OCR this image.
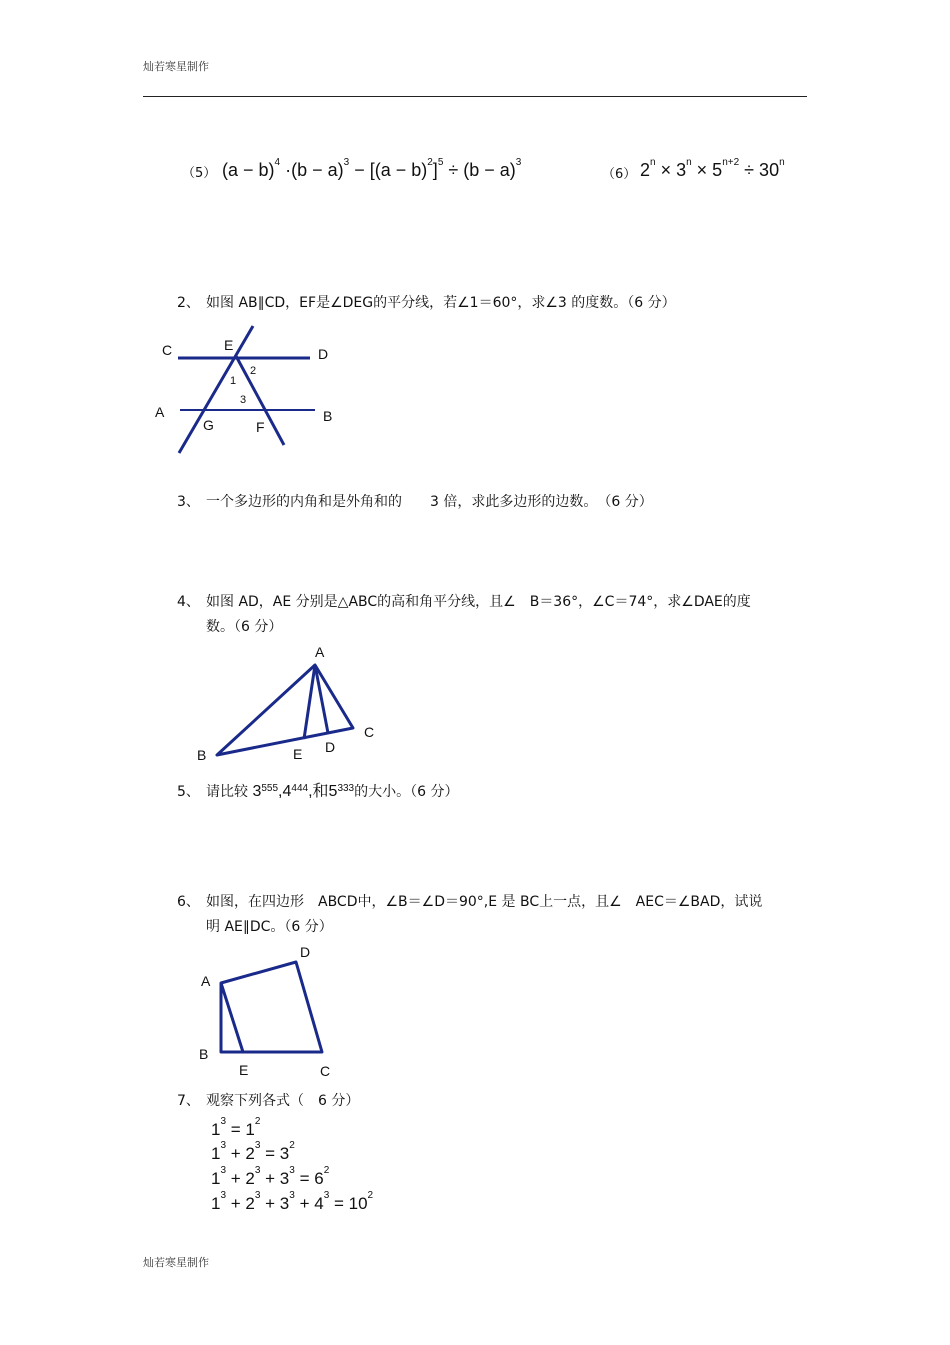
灿若寒星制作
灿若寒星制作
（5） $(a - b)^4 \cdot(b - a)^3 - [(a - b)^2]^5 \div (b - a)^3$
（6） $2^n \times 3^n \times 5^{n+2} \div 30^n$
2、 如图 AB∥CD，EF是∠DEG的平分线，若∠1＝60°，求∠3 的度数。（6 分）
C	E
D
A	B
G	F
1
2
3
3、 一个多边形的内角和是外角和的　　3 倍，求此多边形的边数。　（6 分）
4、 如图 AD，AE 分别是△ABC的高和角平分线，且∠　B＝36°，∠C＝74°，求∠DAE的度
数。（6 分）
A
B
C
D
E
5、 请比较 $3^{555},4^{444}$,和$5^{333}$的大小。（6 分）
6、 如图，在四边形　ABCD中，∠B＝∠D＝90°,E 是 BC上一点，且∠　AEC＝∠BAD，试说
明 AE∥DC。（6 分）
A
D
B
E	C
7、 观察下列各式（　6 分）
$1^3 = 1^2$
$1^3 + 2^3 = 3^2$
$1^3 + 2^3 + 3^3 = 6^2$
$1^3 + 2^3 + 3^3 + 4^3 = 10^2$
